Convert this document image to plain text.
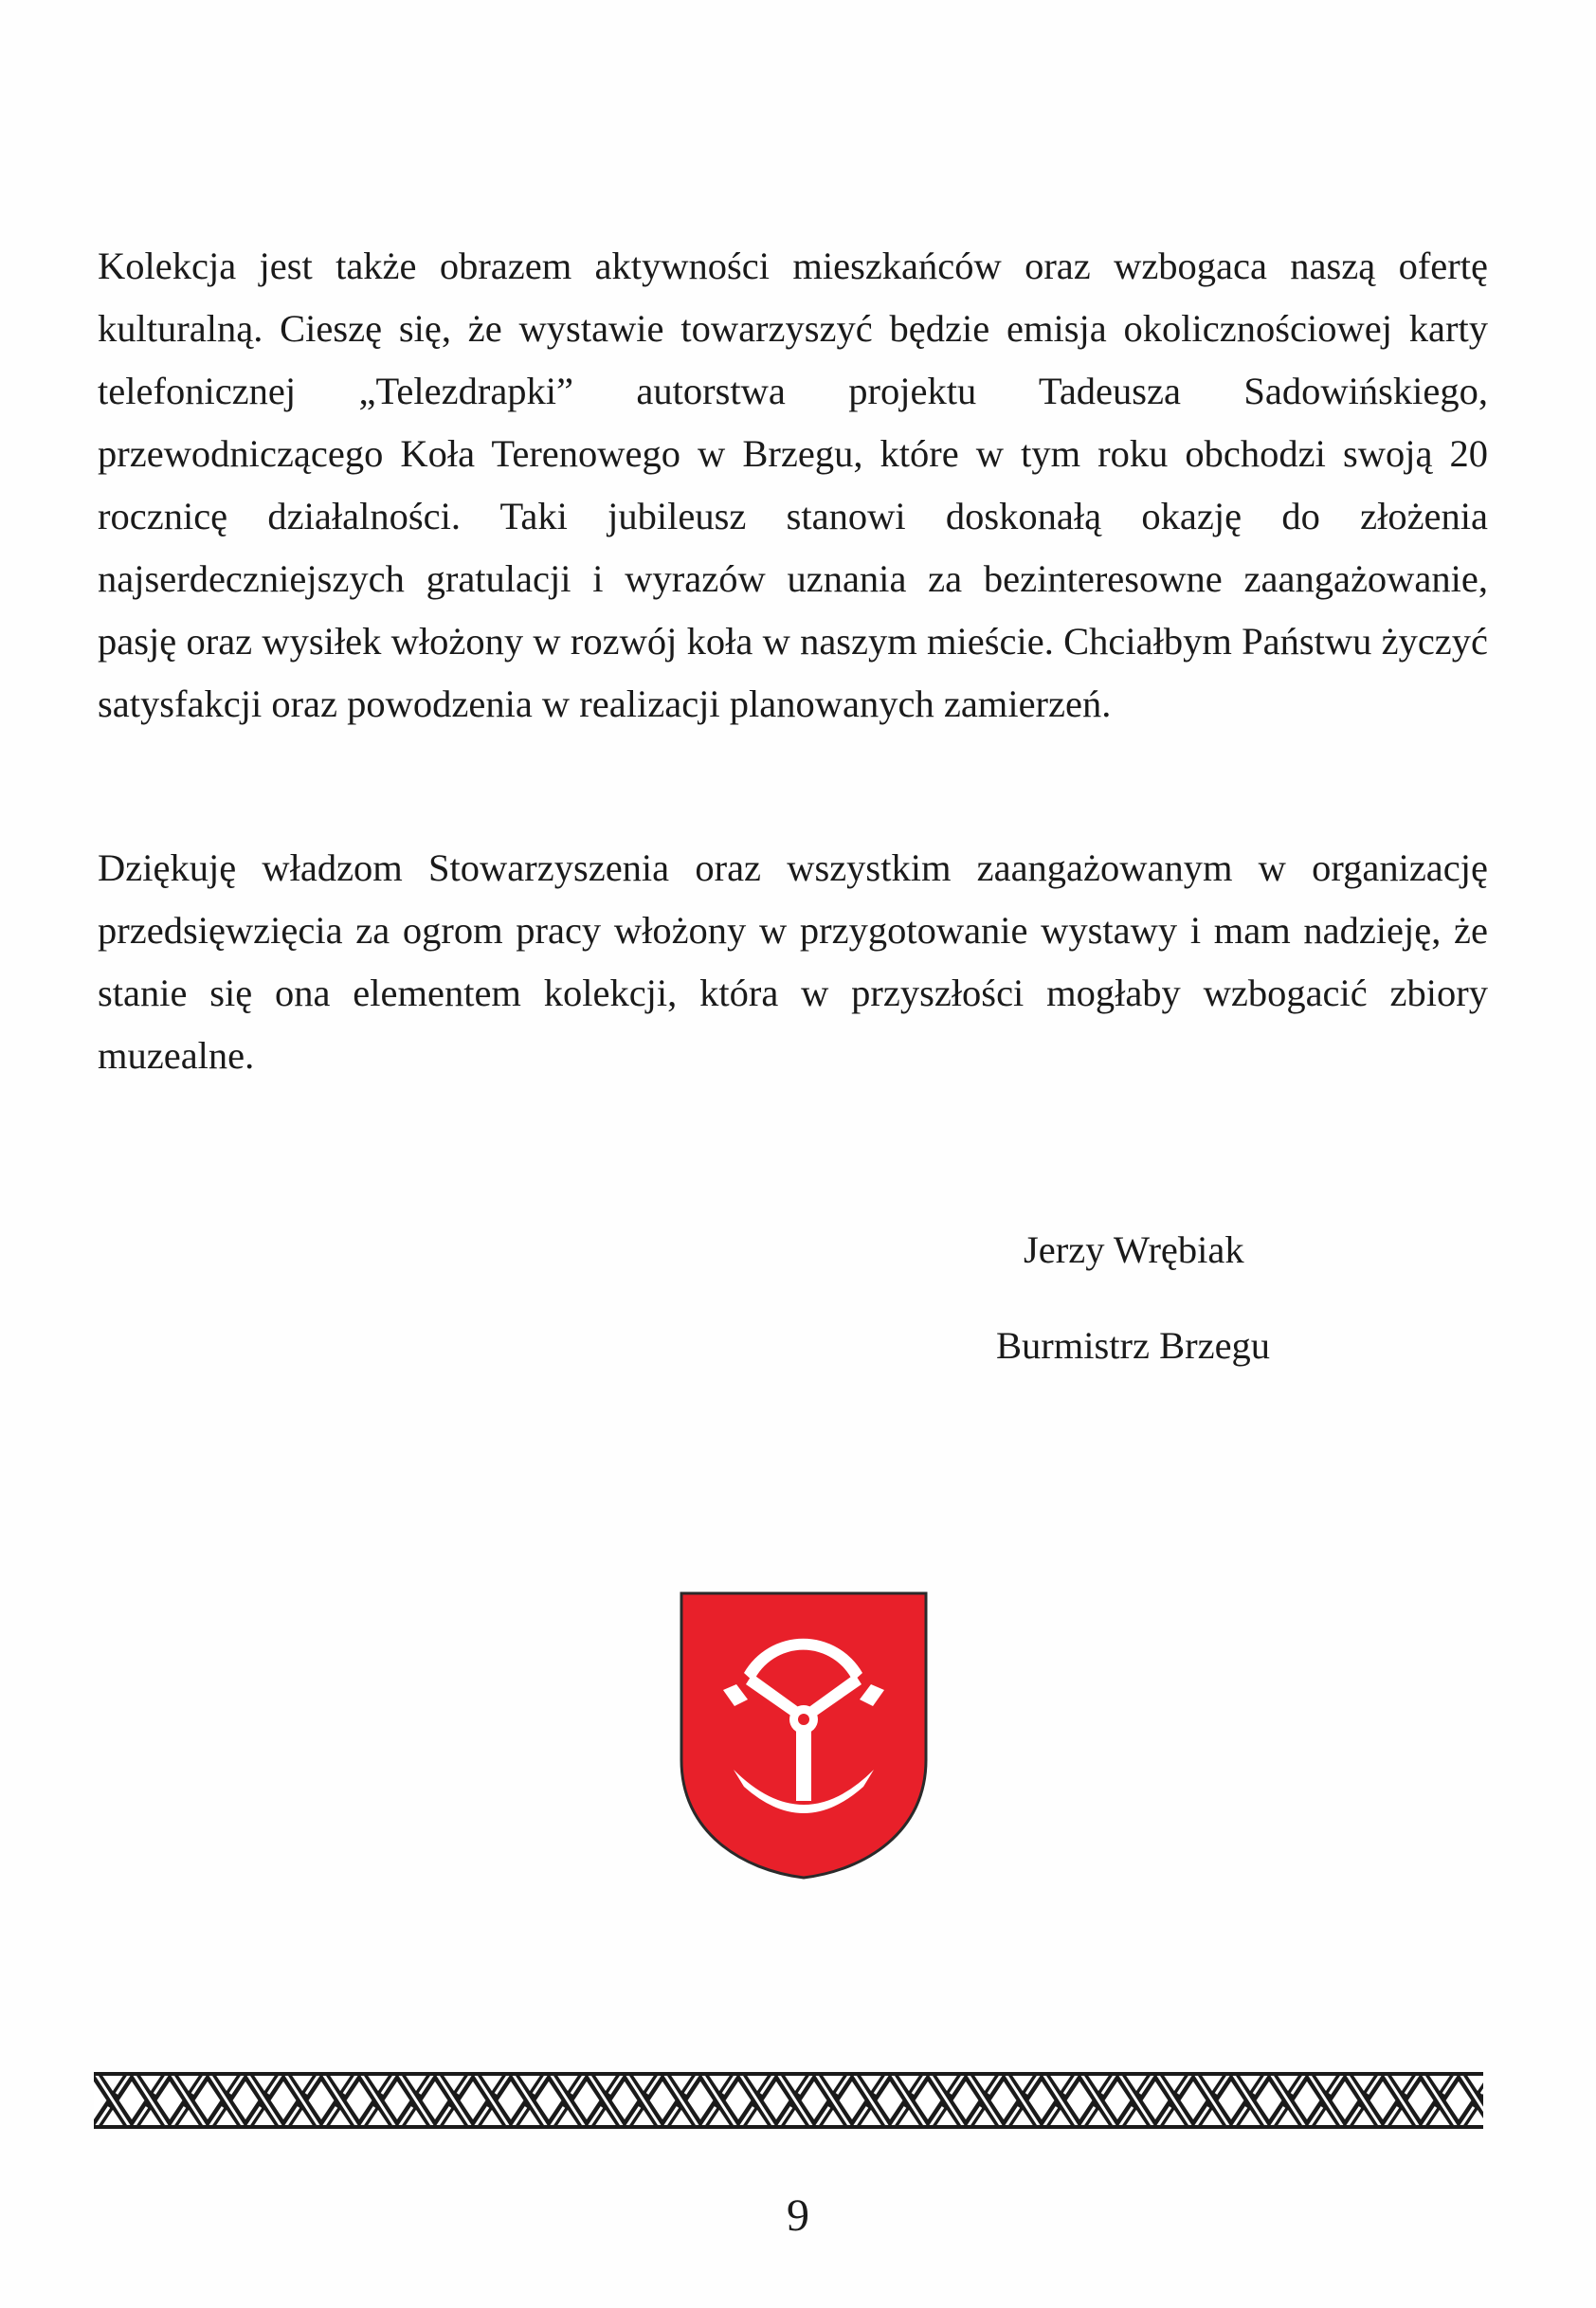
Kolekcja jest także obrazem aktywności mieszkańców oraz wzbogaca naszą ofertę kulturalną. Cieszę się, że wystawie towarzyszyć będzie emisja okolicznościowej karty telefonicznej „Telezdrapki” autorstwa projektu Tadeusza Sadowińskiego, przewodniczącego Koła Terenowego w Brzegu, które w tym roku obchodzi swoją 20 rocznicę działalności. Taki jubileusz stanowi doskonałą okazję do złożenia najserdeczniejszych gratulacji i wyrazów uznania za bezinteresowne zaangażowanie, pasję oraz wysiłek włożony w rozwój koła w naszym mieście. Chciałbym Państwu życzyć satysfakcji oraz powodzenia w realizacji planowanych zamierzeń.

Dziękuję władzom Stowarzyszenia oraz wszystkim zaangażowanym w organizację przedsięwzięcia za ogrom pracy włożony w przygotowanie wystawy i mam nadzieję, że stanie się ona elementem kolekcji, która w przyszłości mogłaby wzbogacić zbiory muzealne.

Jerzy Wrębiak

Burmistrz Brzegu

9
